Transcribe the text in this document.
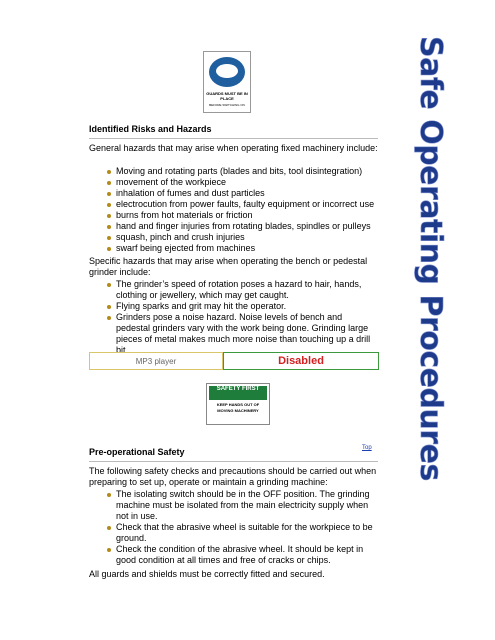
Safe Operating Procedures
GUARDS MUST BE IN PLACE
BEFORE SWITCHING ON
Identified Risks and Hazards

General hazards that may arise when operating fixed machinery include:

Moving and rotating parts (blades and bits, tool disintegration)
movement of the workpiece
inhalation of fumes and dust particles
electrocution from power faults, faulty equipment or incorrect use
burns from hot materials or friction
hand and finger injuries from rotating blades, spindles or pulleys
squash, pinch and crush injuries
swarf being ejected from machines

Specific hazards that may arise when operating the bench or pedestal grinder include:

The grinder’s speed of rotation poses a hazard to hair, hands, clothing or jewellery, which may get caught.
Flying sparks and grit may hit the operator.
Grinders pose a noise hazard. Noise levels of bench and pedestal grinders vary with the work being done. Grinding large pieces of metal makes much more noise than touching up a drill bit.
MP3 player	Disabled
SAFETY FIRST
KEEP HANDS OUT OF MOVING MACHINERY
Top
Pre-operational Safety

The following safety checks and precautions should be carried out when preparing to set up, operate or maintain a grinding machine:

The isolating switch should be in the OFF position. The grinding machine must be isolated from the main electricity supply when not in use.
Check that the abrasive wheel is suitable for the workpiece to be ground.
Check the condition of the abrasive wheel. It should be kept in good condition at all times and free of cracks or chips.

All guards and shields must be correctly fitted and secured.
